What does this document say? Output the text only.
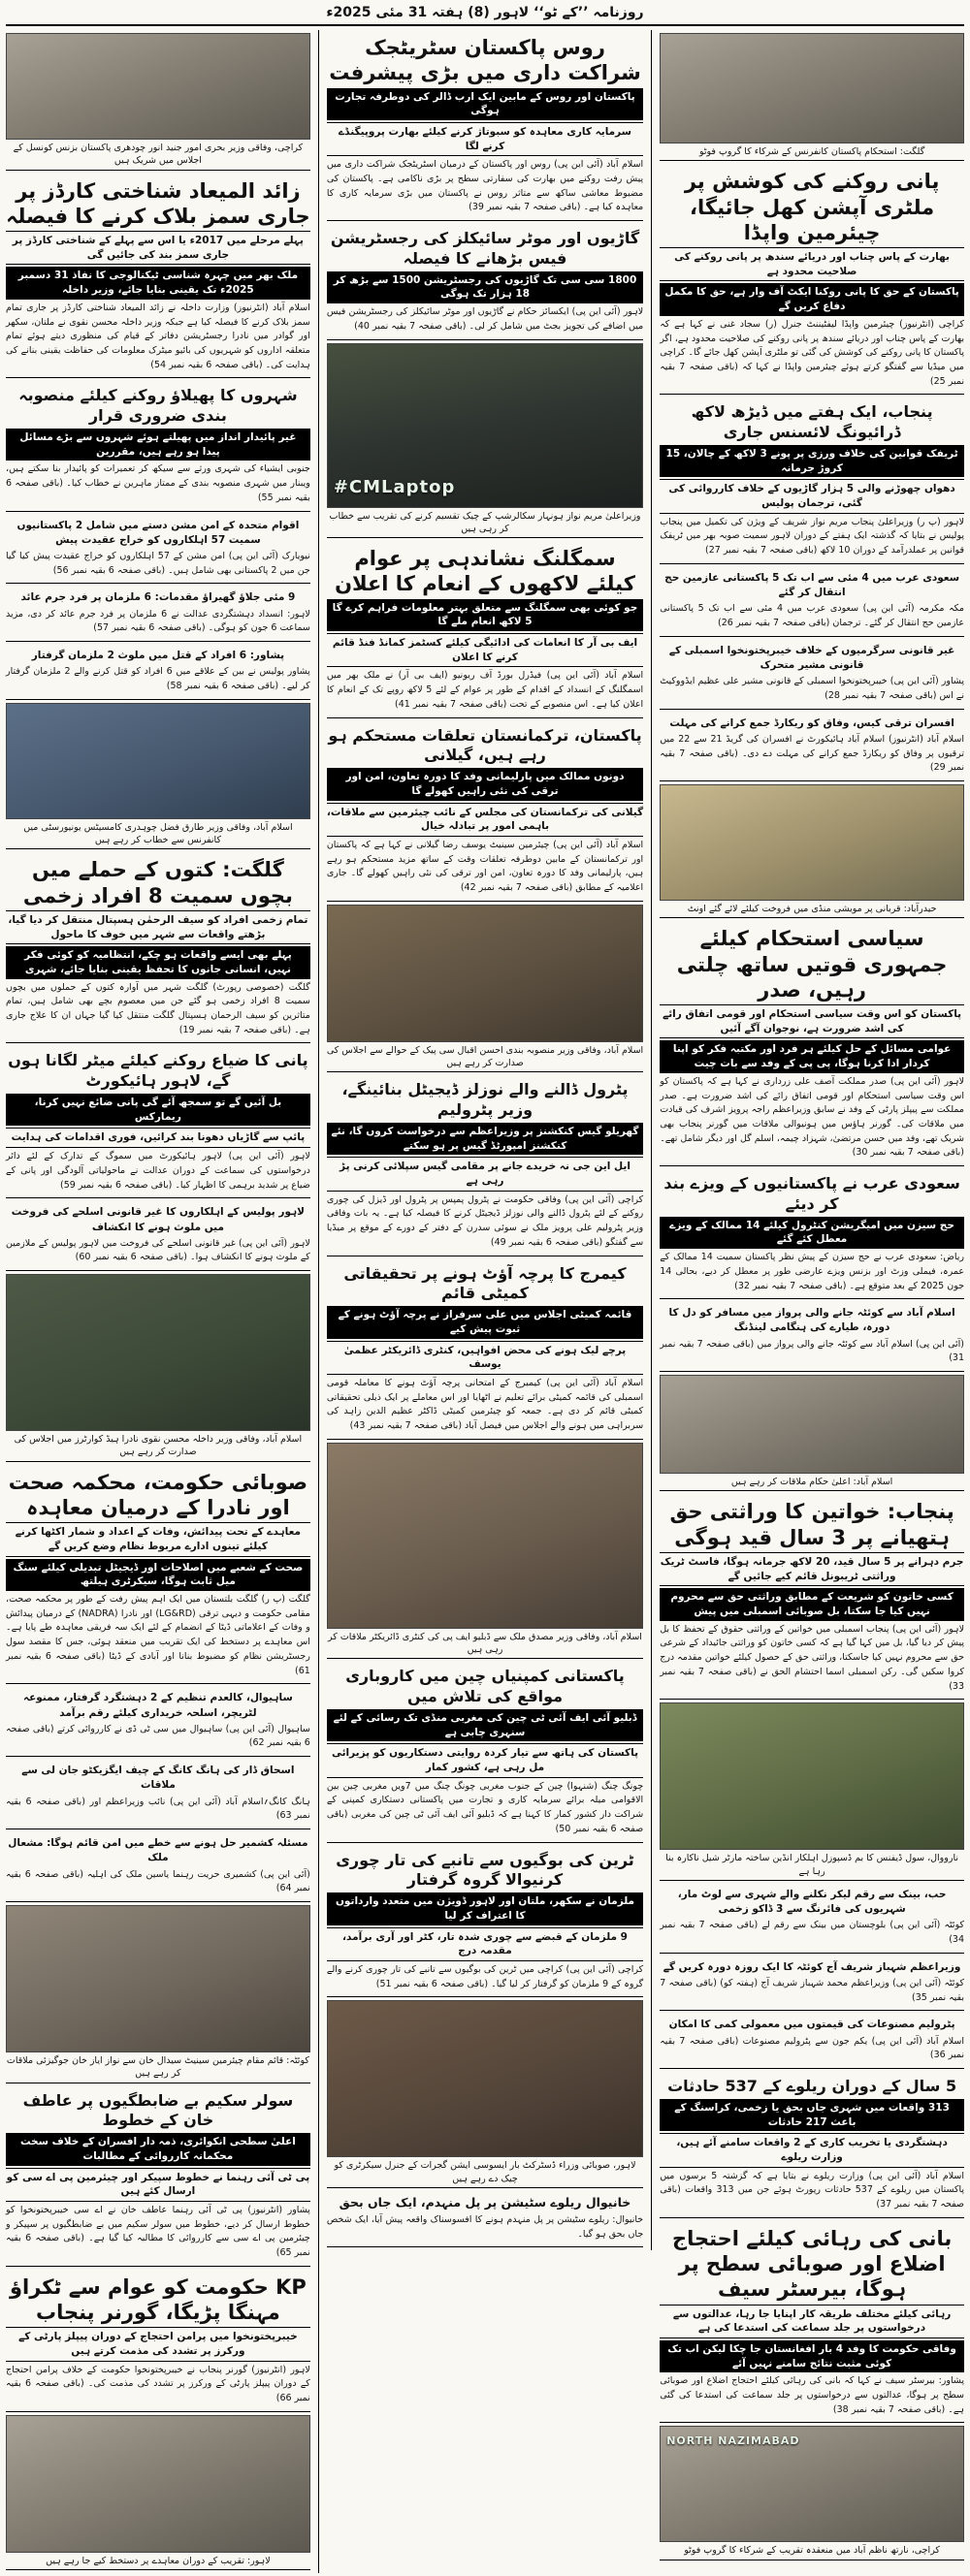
روزنامہ ’’کے ٹو‘‘ لاہور (8) ہفتہ 31 مئی 2025ء
گلگت: استحکام پاکستان کانفرنس کے شرکاء کا گروپ فوٹو
پانی روکنے کی کوشش پر ملٹری آپشن کھل جائیگا، چیئرمین واپڈا
بھارت کے پاس چناب اور دریائے سندھ پر پانی روکنے کی صلاحیت محدود ہے
پاکستان کے حق کا پانی روکنا ایکٹ آف وار ہے، حق کا مکمل دفاع کریں گے

کراچی (انٹرنیوز) چیئرمین واپڈا لیفٹیننٹ جنرل (ر) سجاد غنی نے کہا ہے کہ بھارت کے پاس چناب اور دریائے سندھ پر پانی روکنے کی صلاحیت محدود ہے، اگر پاکستان کا پانی روکنے کی کوشش کی گئی تو ملٹری آپشن کھل جائے گا۔ کراچی میں میڈیا سے گفتگو کرتے ہوئے چیئرمین واپڈا نے کہا کہ (باقی صفحہ 7 بقیہ نمبر 25)

پنجاب، ایک ہفتے میں ڈیڑھ لاکھ ڈرائیونگ لائسنس جاری
ٹریفک قوانین کی خلاف ورزی پر پونے 3 لاکھ کے چالان، 15 کروڑ جرمانہ
دھواں چھوڑنے والی 5 ہزار گاڑیوں کے خلاف کارروائی کی گئی، ترجمان پولیس

لاہور (پ ر) وزیراعلیٰ پنجاب مریم نواز شریف کے ویژن کی تکمیل میں پنجاب پولیس نے بتایا کہ گذشتہ ایک ہفتے کے دوران لاہور سمیت صوبہ بھر میں ٹریفک قوانین پر عملدرآمد کے دوران 10 لاکھ (باقی صفحہ 7 بقیہ نمبر 27)

سعودی عرب میں 4 مئی سے اب تک 5 پاکستانی عازمین حج انتقال کر گئے

مکہ مکرمہ (آئی این پی) سعودی عرب میں 4 مئی سے اب تک 5 پاکستانی عازمین حج انتقال کر گئے۔ ترجمان (باقی صفحہ 7 بقیہ نمبر 26)

غیر قانونی سرگرمیوں کے خلاف خیبرپختونخوا اسمبلی کے قانونی مشیر متحرک

پشاور (آئی این پی) خیبرپختونخوا اسمبلی کے قانونی مشیر علی عظیم ایڈووکیٹ نے اس (باقی صفحہ 7 بقیہ نمبر 28)

افسران ترقی کیس، وفاق کو ریکارڈ جمع کرانے کی مہلت

اسلام آباد (انٹرنیوز) اسلام آباد ہائیکورٹ نے افسران کی گریڈ 21 سے 22 میں ترقیوں پر وفاق کو ریکارڈ جمع کرانے کی مہلت دے دی۔ (باقی صفحہ 7 بقیہ نمبر 29)

حیدرآباد: قربانی پر مویشی منڈی میں فروخت کیلئے لائے گئے اونٹ
سیاسی استحکام کیلئے جمہوری قوتیں ساتھ چلتی رہیں، صدر
پاکستان کو اس وقت سیاسی استحکام اور قومی اتفاق رائے کی اشد ضرورت ہے، نوجوان آگے آئیں
عوامی مسائل کے حل کیلئے ہر فرد اور مکتبہ فکر کو اپنا کردار ادا کرنا ہوگا، پی پی کے وفد سے بات چیت

لاہور (آئی این پی) صدر مملکت آصف علی زرداری نے کہا ہے کہ پاکستان کو اس وقت سیاسی استحکام اور قومی اتفاق رائے کی اشد ضرورت ہے۔ صدر مملکت سے پیپلز پارٹی کے وفد نے سابق وزیراعظم راجہ پرویز اشرف کی قیادت میں ملاقات کی۔ گورنر ہاؤس میں ہونیوالی ملاقات میں گورنر پنجاب بھی شریک تھے، وفد میں حسن مرتضیٰ، شہزاد چیمہ، اسلم گل اور دیگر شامل تھے۔ (باقی صفحہ 7 بقیہ نمبر 30)

سعودی عرب نے پاکستانیوں کے ویزے بند کر دیئے
حج سیزن میں امیگریشن کنٹرول کیلئے 14 ممالک کے ویزے معطل کئے گئے

ریاض: سعودی عرب نے حج سیزن کے پیش نظر پاکستان سمیت 14 ممالک کے عمرہ، فیملی وزٹ اور بزنس ویزے عارضی طور پر معطل کر دیے، بحالی 14 جون 2025 کے بعد متوقع ہے۔ (باقی صفحہ 7 بقیہ نمبر 32)

اسلام آباد سے کوئٹہ جانے والی پرواز میں مسافر کو دل کا دورہ، طیارے کی ہنگامی لینڈنگ

(آئی این پی) اسلام آباد سے کوئٹہ جانے والی پرواز میں (باقی صفحہ 7 بقیہ نمبر 31)

اسلام آباد: اعلیٰ حکام ملاقات کر رہے ہیں
پنجاب: خواتین کا وراثتی حق ہتھیانے پر 3 سال قید ہوگی
جرم دہرانے پر 5 سال قید، 20 لاکھ جرمانہ ہوگا، فاسٹ ٹریک وراثتی ٹریبونل قائم کیے جائیں گے
کسی خاتون کو شریعت کے مطابق وراثتی حق سے محروم نہیں کیا جا سکتا، بل صوبائی اسمبلی میں پیش

لاہور (آئی این پی) پنجاب اسمبلی میں خواتین کے وراثتی حقوق کے تحفظ کا بل پیش کر دیا گیا، بل میں کہا گیا ہے کہ کسی خاتون کو وراثتی جائیداد کے شرعی حق سے محروم نہیں کیا جاسکتا، وراثتی حق کے حصول کیلئے خواتین مقدمہ درج کروا سکیں گی۔ رکن اسمبلی اسما احتشام الحق نے (باقی صفحہ 7 بقیہ نمبر 33)

نارووال، سول ڈیفنس کا بم ڈسپوزل اہلکار انڈین ساختہ مارٹر شیل ناکارہ بنا رہا ہے
حب، بینک سے رقم لیکر نکلنے والے شہری سے لوٹ مار، شہریوں کی فائرنگ سے 3 ڈاکو زخمی

کوئٹہ (آئی این پی) بلوچستان میں بینک سے رقم لے (باقی صفحہ 7 بقیہ نمبر 34)

وزیراعظم شہباز شریف آج کوئٹہ کا ایک روزہ دورہ کریں گے

کوئٹہ (آئی این پی) وزیراعظم محمد شہباز شریف آج (ہفتہ کو) (باقی صفحہ 7 بقیہ نمبر 35)

پٹرولیم مصنوعات کی قیمتوں میں معمولی کمی کا امکان

اسلام آباد (آئی این پی) یکم جون سے پٹرولیم مصنوعات (باقی صفحہ 7 بقیہ نمبر 36)

5 سال کے دوران ریلوے کے 537 حادثات
313 واقعات میں شہری جاں بحق یا زخمی، کراسنگ کے باعث 217 حادثات
دہشتگردی یا تخریب کاری کے 2 واقعات سامنے آئے ہیں، وزارت ریلوے

اسلام آباد (آئی این پی) وزارت ریلوے نے بتایا ہے کہ گزشتہ 5 برسوں میں پاکستان میں ریلوے کے 537 حادثات رپورٹ ہوئے جن میں 313 واقعات (باقی صفحہ 7 بقیہ نمبر 37)

بانی کی رہائی کیلئے احتجاج اضلاع اور صوبائی سطح پر ہوگا، بیرسٹر سیف
رہائی کیلئے مختلف طریقہ کار اپنایا جا رہا، عدالتوں سے درخواستوں پر جلد سماعت کی استدعا کی ہے
وفاقی حکومت کا وفد 4 بار افغانستان جا چکا لیکن اب تک کوئی مثبت نتائج سامنے نہیں آئے

پشاور: بیرسٹر سیف نے کہا کہ بانی کی رہائی کیلئے احتجاج اضلاع اور صوبائی سطح پر ہوگا، عدالتوں سے درخواستوں پر جلد سماعت کی استدعا کی گئی ہے۔ (باقی صفحہ 7 بقیہ نمبر 38)

NORTH NAZIMABAD
کراچی، نارتھ ناظم آباد میں منعقدہ تقریب کے شرکاء کا گروپ فوٹو
روس پاکستان سٹریٹجک شراکت داری میں بڑی پیشرفت
پاکستان اور روس کے مابین ایک ارب ڈالر کی دوطرفہ تجارت ہوگی
سرمایہ کاری معاہدہ کو سبوتاژ کرنے کیلئے بھارت پروپیگنڈے کرنے لگا

اسلام آباد (آئی این پی) روس اور پاکستان کے درمیان اسٹریٹجک شراکت داری میں پیش رفت روکنے میں بھارت کی سفارتی سطح پر بڑی ناکامی ہے۔ پاکستان کی مضبوط معاشی ساکھ سے متاثر روس نے پاکستان میں بڑی سرمایہ کاری کا معاہدہ کیا ہے۔ (باقی صفحہ 7 بقیہ نمبر 39)

گاڑیوں اور موٹر سائیکلز کی رجسٹریشن فیس بڑھانے کا فیصلہ
1800 سی سی تک گاڑیوں کی رجسٹریشن 1500 سے بڑھ کر 18 ہزار تک ہوگی

لاہور (آئی این پی) ایکسائز حکام نے گاڑیوں اور موٹر سائیکلز کی رجسٹریشن فیس میں اضافے کی تجویز بجٹ میں شامل کر لی۔ (باقی صفحہ 7 بقیہ نمبر 40)

#CMLaptop
وزیراعلیٰ مریم نواز ہونہار سکالرشپ کے چیک تقسیم کرنے کی تقریب سے خطاب کر رہی ہیں
سمگلنگ نشاندہی پر عوام کیلئے لاکھوں کے انعام کا اعلان
جو کوئی بھی سمگلنگ سے متعلق بہتر معلومات فراہم کرے گا 5 لاکھ انعام ملے گا
ایف بی آر کا انعامات کی ادائیگی کیلئے کسٹمز کمانڈ فنڈ قائم کرنے کا اعلان

اسلام آباد (آئی این پی) فیڈرل بورڈ آف ریونیو (ایف بی آر) نے ملک بھر میں اسمگلنگ کے انسداد کے اقدام کے طور پر عوام کے لئے 5 لاکھ روپے تک کے انعام کا اعلان کیا ہے۔ اس منصوبے کے تحت (باقی صفحہ 7 بقیہ نمبر 41)

پاکستان، ترکمانستان تعلقات مستحکم ہو رہے ہیں، گیلانی
دونوں ممالک میں پارلیمانی وفد کا دورہ تعاون، امن اور ترقی کی نئی راہیں کھولے گا
گیلانی کی ترکمانستان کی مجلس کے نائب چیئرمین سے ملاقات، باہمی امور پر تبادلہ خیال

اسلام آباد (آئی این پی) چیئرمین سینیٹ یوسف رضا گیلانی نے کہا ہے کہ پاکستان اور ترکمانستان کے مابین دوطرفہ تعلقات وقت کے ساتھ مزید مستحکم ہو رہے ہیں، پارلیمانی وفد کا دورہ تعاون، امن اور ترقی کی نئی راہیں کھولے گا۔ جاری اعلامیہ کے مطابق (باقی صفحہ 7 بقیہ نمبر 42)

اسلام آباد، وفاقی وزیر منصوبہ بندی احسن اقبال سی پیک کے حوالے سے اجلاس کی صدارت کر رہے ہیں
پٹرول ڈالنے والے نوزلز ڈیجیٹل بنائینگے، وزیر پٹرولیم
گھریلو گیس کنکشنز پر وزیراعظم سے درخواست کروں گا، نئے کنکشنز امپورٹڈ گیس پر ہو سکتے
ایل این جی نہ خریدے جانے پر مقامی گیس سپلائی کرنی پڑ رہی ہے

کراچی (آئی این پی) وفاقی حکومت نے پٹرول پمپس پر پٹرول اور ڈیزل کی چوری روکنے کے لئے پٹرول ڈالنے والی نوزلز ڈیجیٹل کرنے کا فیصلہ کیا ہے۔ یہ بات وفاقی وزیر پٹرولیم علی پرویز ملک نے سوئی سدرن کے دفتر کے دورے کے موقع پر میڈیا سے گفتگو (باقی صفحہ 6 بقیہ نمبر 49)

کیمرج کا پرچہ آؤٹ ہونے پر تحقیقاتی کمیٹی قائم
قائمہ کمیٹی اجلاس میں علی سرفراز نے پرچہ آؤٹ ہونے کے ثبوت پیش کیے
پرچے لیک ہونے کی محض افواہیں، کنٹری ڈائریکٹر عظمیٰ یوسف

اسلام آباد (آئی این پی) کیمبرج کے امتحانی پرچہ آؤٹ ہونے کا معاملہ قومی اسمبلی کی قائمہ کمیٹی برائے تعلیم نے اٹھایا اور اس معاملے پر ایک ذیلی تحقیقاتی کمیٹی قائم کر دی ہے۔ جمعہ کو چیئرمین کمیٹی ڈاکٹر عظیم الدین زاہد کی سربراہی میں ہونے والے اجلاس میں فیصل آباد (باقی صفحہ 7 بقیہ نمبر 43)

اسلام آباد، وفاقی وزیر مصدق ملک سے ڈبلیو ایف پی کی کنٹری ڈائریکٹر ملاقات کر رہی ہیں
پاکستانی کمپنیاں چین میں کاروباری مواقع کی تلاش میں
ڈبلیو آئی ایف آئی ٹی چین کی مغربی منڈی تک رسائی کے لئے سنہری چابی ہے
پاکستان کی ہاتھ سے تیار کردہ روایتی دستکاریوں کو پزیرائی مل رہی ہے، کشور کمار

چونگ چنگ (شنہوا) چین کے جنوب مغربی چونگ چنگ میں 7ویں مغربی چین بین الاقوامی میلہ برائے سرمایہ کاری و تجارت میں پاکستانی دستکاری کمپنی کے شراکت دار کشور کمار کا کہنا ہے کہ ڈبلیو آئی ایف آئی ٹی چین کی مغربی (باقی صفحہ 6 بقیہ نمبر 50)

ٹرین کی بوگیوں سے تانبے کی تار چوری کرنیوالا گروہ گرفتار
ملزمان نے سکھر، ملتان اور لاہور ڈویژن میں متعدد وارداتوں کا اعتراف کر لیا
9 ملزمان کے قبضے سے چوری شدہ تار، کٹر اور آری برآمد، مقدمہ درج

کراچی (آئی این پی) کراچی میں ٹرین کی بوگیوں سے تانبے کی تار چوری کرنے والے گروہ کے 9 ملزمان کو گرفتار کر لیا گیا۔ (باقی صفحہ 6 بقیہ نمبر 51)

لاہور، صوبائی وزراء ڈسٹرکٹ بار ایسوسی ایشن گجرات کے جنرل سیکرٹری کو چیک دے رہے ہیں
خانیوال ریلوے سٹیشن پر پل منہدم، ایک جاں بحق

خانیوال: ریلوے سٹیشن پر پل منہدم ہونے کا افسوسناک واقعہ پیش آیا، ایک شخص جاں بحق ہو گیا۔

کراچی، وفاقی وزیر بحری امور جنید انور چودھری پاکستان بزنس کونسل کے اجلاس میں شریک ہیں
زائد المیعاد شناختی کارڈز پر جاری سمز بلاک کرنے کا فیصلہ
پہلے مرحلے میں 2017ء یا اس سے پہلے کے شناختی کارڈز پر جاری سمز بند کی جائیں گی
ملک بھر میں چہرہ شناسی ٹیکنالوجی کا نفاذ 31 دسمبر 2025ء تک یقینی بنایا جائے، وزیر داخلہ

اسلام آباد (انٹرنیوز) وزارت داخلہ نے زائد المیعاد شناختی کارڈز پر جاری تمام سمز بلاک کرنے کا فیصلہ کیا ہے جبکہ وزیر داخلہ محسن نقوی نے ملتان، سکھر اور گوادر میں نادرا رجسٹریشن دفاتر کے قیام کی منظوری دیتے ہوئے تمام متعلقہ اداروں کو شہریوں کی بائیو میٹرک معلومات کی حفاظت یقینی بنانے کی ہدایت کی۔ (باقی صفحہ 6 بقیہ نمبر 54)

شہروں کا پھیلاؤ روکنے کیلئے منصوبہ بندی ضروری قرار
غیر پائیدار انداز میں پھیلتے ہوئے شہروں سے بڑے مسائل پیدا ہو رہے ہیں، مقررین

جنوبی ایشیاء کی شہری ورثے سے سیکھ کر تعمیرات کو پائیدار بنا سکتے ہیں، ویبنار میں شہری منصوبہ بندی کے ممتاز ماہرین نے خطاب کیا۔ (باقی صفحہ 6 بقیہ نمبر 55)

اقوام متحدہ کے امن مشن دستے میں شامل 2 پاکستانیوں سمیت 57 اہلکاروں کو خراج عقیدت پیش

نیویارک (آئی این پی) امن مشن کے 57 اہلکاروں کو خراج عقیدت پیش کیا گیا جن میں 2 پاکستانی بھی شامل ہیں۔ (باقی صفحہ 6 بقیہ نمبر 56)

9 مئی جلاؤ گھیراؤ مقدمات: 6 ملزمان پر فرد جرم عائد

لاہور: انسداد دہشتگردی عدالت نے 6 ملزمان پر فرد جرم عائد کر دی، مزید سماعت 6 جون کو ہوگی۔ (باقی صفحہ 6 بقیہ نمبر 57)

پشاور: 6 افراد کے قتل میں ملوث 2 ملزمان گرفتار

پشاور پولیس نے بین کے علاقے میں 6 افراد کو قتل کرنے والے 2 ملزمان گرفتار کر لیے۔ (باقی صفحہ 6 بقیہ نمبر 58)

اسلام آباد، وفاقی وزیر طارق فضل چوہدری کامسیٹس یونیورسٹی میں کانفرنس سے خطاب کر رہے ہیں
گلگت: کتوں کے حملے میں بچوں سمیت 8 افراد زخمی
تمام زخمی افراد کو سیف الرحمٰن ہسپتال منتقل کر دیا گیا، بڑھتے واقعات سے شہر میں خوف کا ماحول
پہلے بھی ایسے واقعات ہو چکے، انتظامیہ کو کوئی فکر نہیں، انسانی جانوں کا تحفظ یقینی بنایا جائے، شہری

گلگت (خصوصی رپورٹ) گلگت شہر میں آوارہ کتوں کے حملوں میں بچوں سمیت 8 افراد زخمی ہو گئے جن میں معصوم بچے بھی شامل ہیں، تمام متاثرین کو سیف الرحمان ہسپتال گلگت منتقل کیا گیا جہاں ان کا علاج جاری ہے۔ (باقی صفحہ 7 بقیہ نمبر 19)

پانی کا ضیاع روکنے کیلئے میٹر لگانا ہوں گے، لاہور ہائیکورٹ
بل آئیں گے تو سمجھ آئے گی پانی ضائع نہیں کرنا، ریمارکس
پائپ سے گاڑیاں دھونا بند کرائیں، فوری اقدامات کی ہدایت

لاہور (آئی این پی) لاہور ہائیکورٹ میں سموگ کے تدارک کے لئے دائر درخواستوں کی سماعت کے دوران عدالت نے ماحولیاتی آلودگی اور پانی کے ضیاع پر شدید برہمی کا اظہار کیا۔ (باقی صفحہ 6 بقیہ نمبر 59)

لاہور پولیس کے اہلکاروں کا غیر قانونی اسلحے کی فروخت میں ملوث ہونے کا انکشاف

لاہور (آئی این پی) غیر قانونی اسلحے کی فروخت میں لاہور پولیس کے ملازمین کے ملوث ہونے کا انکشاف ہوا۔ (باقی صفحہ 6 بقیہ نمبر 60)

اسلام آباد، وفاقی وزیر داخلہ محسن نقوی نادرا ہیڈ کوارٹرز میں اجلاس کی صدارت کر رہے ہیں
صوبائی حکومت، محکمہ صحت اور نادرا کے درمیان معاہدہ
معاہدے کے تحت پیدائش، وفات کے اعداد و شمار اکٹھا کرنے کیلئے تینوں ادارے مربوط نظام وضع کریں گے
صحت کے شعبے میں اصلاحات اور ڈیجیٹل تبدیلی کیلئے سنگ میل ثابت ہوگا، سیکرٹری ہیلتھ

گلگت (پ ر) گلگت بلتستان میں ایک اہم پیش رفت کے طور پر محکمہ صحت، مقامی حکومت و دیہی ترقی (LG&RD) اور نادرا (NADRA) کے درمیان پیدائش و وفات کے اعلاماتی ڈیٹا کے انضمام کے لئے ایک سہ فریقی معاہدہ طے پایا ہے۔ اس معاہدے پر دستخط کی ایک تقریب میں منعقد ہوئی، جس کا مقصد سول رجسٹریشن نظام کو مضبوط بنانا اور آبادی کے ڈیٹا (باقی صفحہ 6 بقیہ نمبر 61)

ساہیوال، کالعدم تنظیم کے 2 دہشتگرد گرفتار، ممنوعہ لٹریچر، اسلحہ خریداری کیلئے رقم برآمد

ساہیوال (آئی این پی) ساہیوال میں سی ٹی ڈی نے کارروائی کرتے (باقی صفحہ 6 بقیہ نمبر 62)

اسحاق ڈار کی ہانگ کانگ کے چیف ایگزیکٹو جان لی سے ملاقات

ہانگ کانگ؍اسلام آباد (آئی این پی) نائب وزیراعظم اور (باقی صفحہ 6 بقیہ نمبر 63)

مسئلہ کشمیر حل ہونے سے خطے میں امن قائم ہوگا: مشعال ملک

(آئی این پی) کشمیری حریت رہنما یاسین ملک کی اہلیہ (باقی صفحہ 6 بقیہ نمبر 64)

کوئٹہ: قائم مقام چیئرمین سینیٹ سیدال خان سے نواز ایاز خان جوگیزئی ملاقات کر رہے ہیں
سولر سکیم بے ضابطگیوں پر عاطف خان کے خطوط
اعلیٰ سطحی انکوائری، ذمہ دار افسران کے خلاف سخت محکمانہ کارروائی کے مطالبات
پی ٹی آئی رہنما نے خطوط سپیکر اور چیئرمین پی اے سی کو ارسال کئے ہیں

پشاور (انٹرنیوز) پی ٹی آئی رہنما عاطف خان نے اے سی خیبرپختونخوا کو خطوط ارسال کر دیے، خطوط میں سولر سکیم میں بے ضابطگیوں پر سپیکر و چیئرمین پی اے سی سے کارروائی کا مطالبہ کیا گیا ہے۔ (باقی صفحہ 6 بقیہ نمبر 65)

KP حکومت کو عوام سے ٹکراؤ مہنگا پڑیگا، گورنر پنجاب
خیبرپختونخوا میں پرامن احتجاج کے دوران پیپلز پارٹی کے ورکرز پر تشدد کی مذمت کرتے ہیں

لاہور (انٹرنیوز) گورنر پنجاب نے خیبرپختونخوا حکومت کے خلاف پرامن احتجاج کے دوران پیپلز پارٹی کے ورکرز پر تشدد کی مذمت کی۔ (باقی صفحہ 6 بقیہ نمبر 66)

لاہور: تقریب کے دوران معاہدے پر دستخط کیے جا رہے ہیں
